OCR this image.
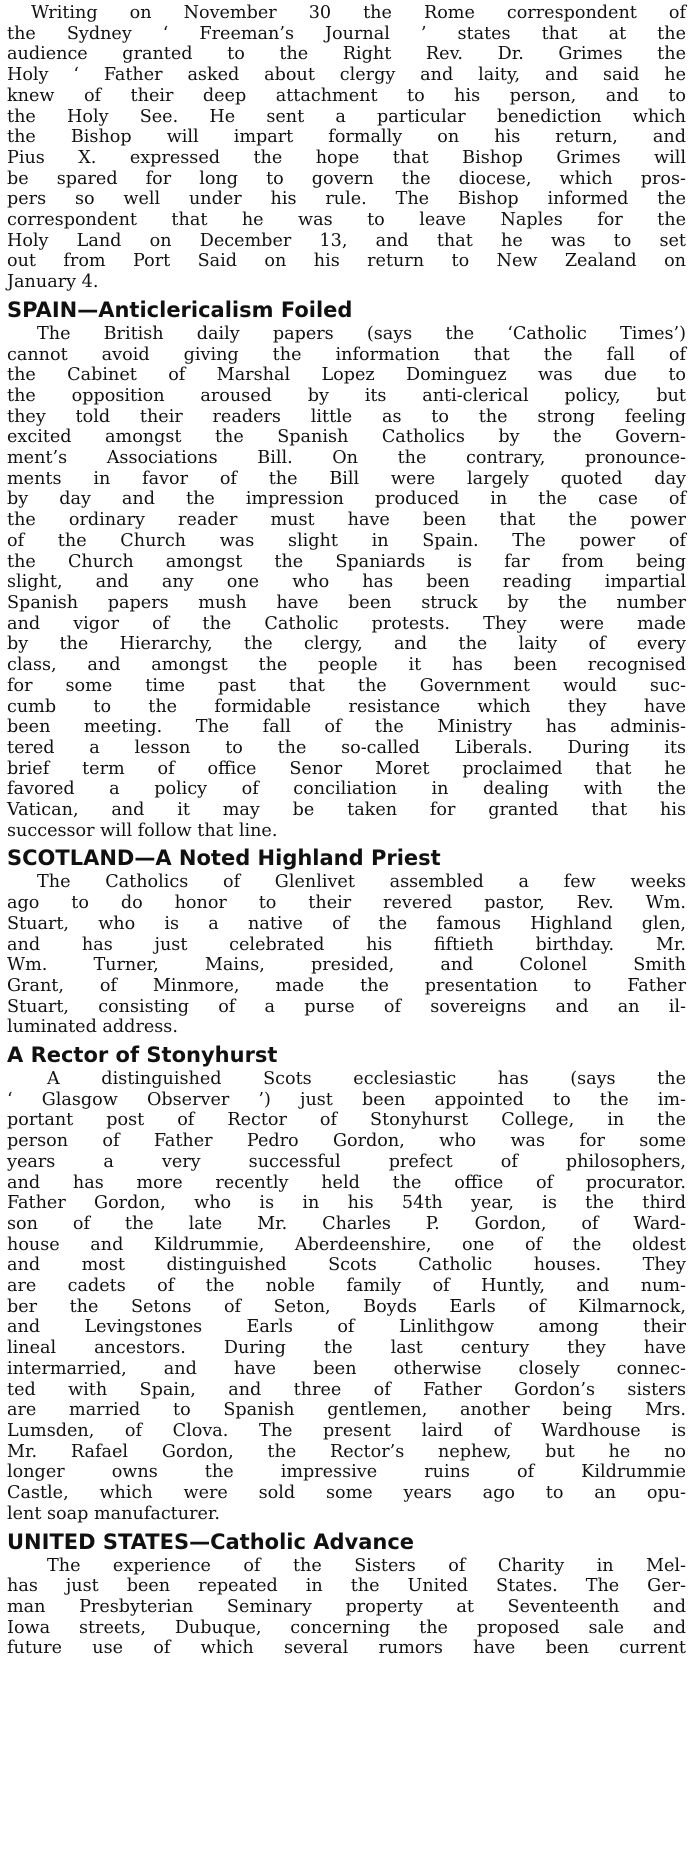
Writing on November 30 the Rome correspondent of
the Sydney ‘ Freeman’s Journal ’ states that at the
audience granted to the Right Rev. Dr. Grimes the
Holy ‘ Father asked about clergy and laity, and said he
knew of their deep attachment to his person, and to
the Holy See. He sent a particular benediction which
the Bishop will impart formally on his return, and
Pius X. expressed the hope that Bishop Grimes will
be spared for long to govern the diocese, which pros-
pers so well under his rule. The Bishop informed the
correspondent that he was to leave Naples for the
Holy Land on December 13, and that he was to set
out from Port Said on his return to New Zealand on
January 4.
SPAIN—Anticlericalism Foiled
The British daily papers (says the ‘Catholic Times’)
cannot avoid giving the information that the fall of
the Cabinet of Marshal Lopez Dominguez was due to
the opposition aroused by its anti-clerical policy, but
they told their readers little as to the strong feeling
excited amongst the Spanish Catholics by the Govern-
ment’s Associations Bill. On the contrary, pronounce-
ments in favor of the Bill were largely quoted day
by day and the impression produced in the case of
the ordinary reader must have been that the power
of the Church was slight in Spain. The power of
the Church amongst the Spaniards is far from being
slight, and any one who has been reading impartial
Spanish papers mush have been struck by the number
and vigor of the Catholic protests. They were made
by the Hierarchy, the clergy, and the laity of every
class, and amongst the people it has been recognised
for some time past that the Government would suc-
cumb to the formidable resistance which they have
been meeting. The fall of the Ministry has adminis-
tered a lesson to the so-called Liberals. During its
brief term of office Senor Moret proclaimed that he
favored a policy of conciliation in dealing with the
Vatican, and it may be taken for granted that his
successor will follow that line.
SCOTLAND—A Noted Highland Priest
The Catholics of Glenlivet assembled a few weeks
ago to do honor to their revered pastor, Rev. Wm.
Stuart, who is a native of the famous Highland glen,
and has just celebrated his fiftieth birthday. Mr.
Wm. Turner, Mains, presided, and Colonel Smith
Grant, of Minmore, made the presentation to Father
Stuart, consisting of a purse of sovereigns and an il-
luminated address.
A Rector of Stonyhurst
A distinguished Scots ecclesiastic has (says the
‘ Glasgow Observer ’) just been appointed to the im-
portant post of Rector of Stonyhurst College, in the
person of Father Pedro Gordon, who was for some
years a very successful prefect of philosophers,
and has more recently held the office of procurator.
Father Gordon, who is in his 54th year, is the third
son of the late Mr. Charles P. Gordon, of Ward-
house and Kildrummie, Aberdeenshire, one of the oldest
and most distinguished Scots Catholic houses. They
are cadets of the noble family of Huntly, and num-
ber the Setons of Seton, Boyds Earls of Kilmarnock,
and Levingstones Earls of Linlithgow among their
lineal ancestors. During the last century they have
intermarried, and have been otherwise closely connec-
ted with Spain, and three of Father Gordon’s sisters
are married to Spanish gentlemen, another being Mrs.
Lumsden, of Clova. The present laird of Wardhouse is
Mr. Rafael Gordon, the Rector’s nephew, but he no
longer owns the impressive ruins of Kildrummie
Castle, which were sold some years ago to an opu-
lent soap manufacturer.
UNITED STATES—Catholic Advance
The experience of the Sisters of Charity in Mel-
has just been repeated in the United States. The Ger-
man Presbyterian Seminary property at Seventeenth and
Iowa streets, Dubuque, concerning the proposed sale and
future use of which several rumors have been current
